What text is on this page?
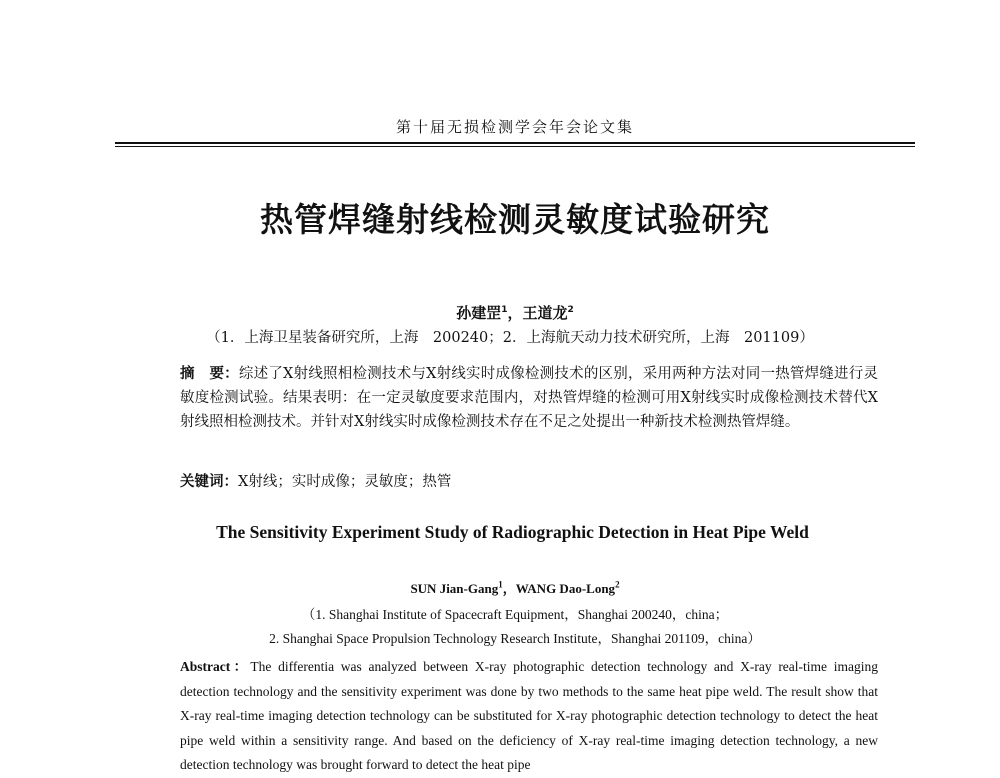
第十届无损检测学会年会论文集
热管焊缝射线检测灵敏度试验研究
孙建罡$^1$，王道龙$^2$
（1．上海卫星装备研究所，上海　200240；2．上海航天动力技术研究所，上海　201109）
摘　要：综述了X射线照相检测技术与X射线实时成像检测技术的区别，采用两种方法对同一热管焊缝进行灵敏度检测试验。结果表明：在一定灵敏度要求范围内，对热管焊缝的检测可用X射线实时成像检测技术替代X射线照相检测技术。并针对X射线实时成像检测技术存在不足之处提出一种新技术检测热管焊缝。
关键词：X射线；实时成像；灵敏度；热管
The Sensitivity Experiment Study of Radiographic Detection in Heat Pipe Weld
SUN Jian-Gang$^1$，WANG Dao-Long$^2$
（1. Shanghai Institute of Spacecraft Equipment，Shanghai 200240，china；
2. Shanghai Space Propulsion Technology Research Institute，Shanghai 201109，china）
Abstract：The differentia was analyzed between X-ray photographic detection technology and X-ray real-time imaging detection technology and the sensitivity experiment was done by two methods to the same heat pipe weld. The result show that X-ray real-time imaging detection technology can be substituted for X-ray photographic detection technology to detect the heat pipe weld within a sensitivity range. And based on the deficiency of X-ray real-time imaging detection technology, a new detection technology was brought forward to detect the heat pipe
